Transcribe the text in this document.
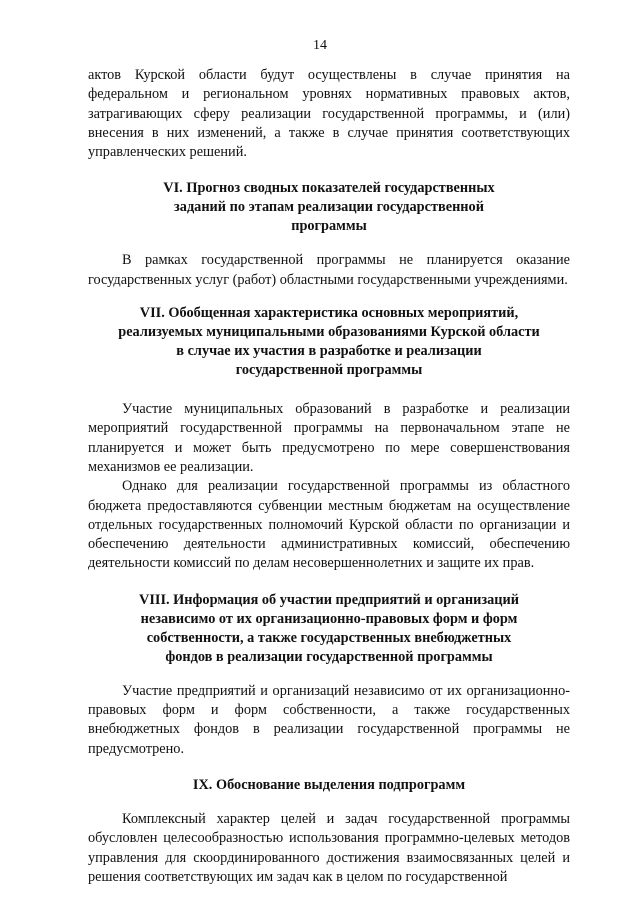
14

актов Курской области будут осуществлены в случае принятия на федеральном и региональном уровнях нормативных правовых актов, затрагивающих сферу реализации государственной программы, и (или) внесения в них изменений, а также в случае принятия соответствующих управленческих решений.

VI. Прогноз сводных показателей государственных

заданий по этапам реализации государственной

программы

В рамках государственной программы не планируется оказание государственных услуг (работ) областными государственными учреждениями.

VII. Обобщенная характеристика основных мероприятий,

реализуемых муниципальными образованиями Курской области

в случае их участия в разработке и реализации

государственной программы

Участие муниципальных образований в разработке и реализации мероприятий государственной программы на первоначальном этапе не планируется и может быть предусмотрено по мере совершенствования механизмов ее реализации.

Однако для реализации государственной программы из областного бюджета предоставляются субвенции местным бюджетам на осуществление отдельных государственных полномочий Курской области по организации и обеспечению деятельности административных комиссий, обеспечению деятельности комиссий по делам несовершеннолетних и защите их прав.

VIII. Информация об участии предприятий и организаций

независимо от их организационно-правовых форм и форм

собственности, а также государственных внебюджетных

фондов в реализации государственной программы

Участие предприятий и организаций независимо от их организационно-правовых форм и форм собственности, а также государственных внебюджетных фондов в реализации государственной программы не предусмотрено.

IX. Обоснование выделения подпрограмм

Комплексный характер целей и задач государственной программы обусловлен целесообразностью использования программно-целевых методов управления для скоординированного достижения взаимосвязанных целей и решения соответствующих им задач как в целом по государственной
